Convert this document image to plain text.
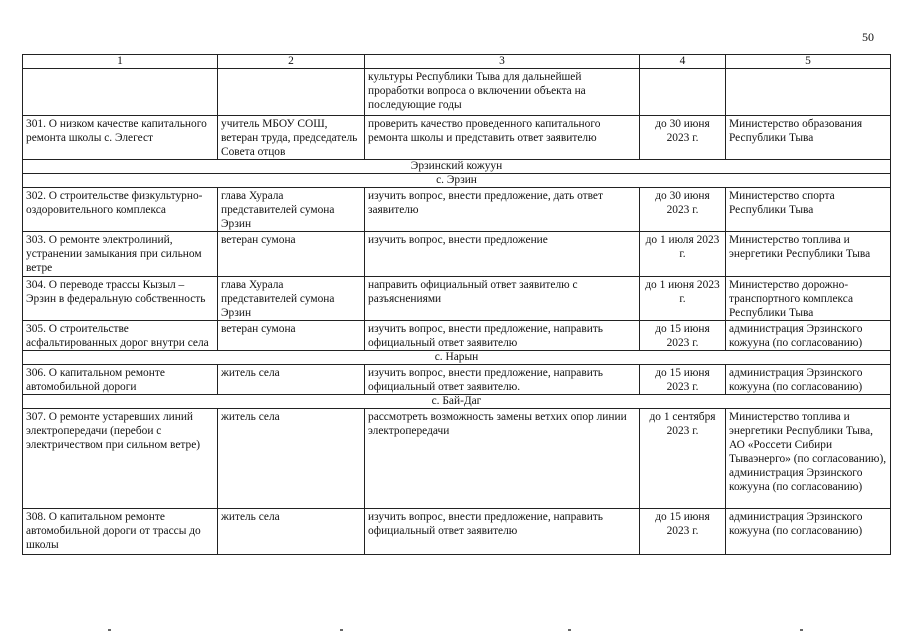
50
1	2	3	4	5
		культуры Республики Тыва для дальнейшей проработки вопроса о включении объекта на последующие годы		
301. О низком качестве капитального ремонта школы с. Элегест	учитель МБОУ СОШ, ветеран труда, председатель Совета отцов	проверить качество проведенного капитального ремонта школы и представить ответ заявителю	до 30 июня 2023 г.	Министерство образования Республики Тыва
Эрзинский кожуун				
с. Эрзин				
302. О строительстве физкультурно-оздоровительного комплекса	глава Хурала представителей сумона Эрзин	изучить вопрос, внести предложение, дать ответ заявителю	до 30 июня 2023 г.	Министерство спорта Республики Тыва
303. О ремонте электролиний, устранении замыкания при сильном ветре	ветеран сумона	изучить вопрос, внести предложение	до 1 июля 2023 г.	Министерство топлива и энергетики Республики Тыва
304. О переводе трассы Кызыл – Эрзин в федеральную собственность	глава Хурала представителей сумона Эрзин	направить официальный ответ заявителю с разъяснениями	до 1 июня 2023 г.	Министерство дорожно-транспортного комплекса Республики Тыва
305. О строительстве асфальтированных дорог внутри села	ветеран сумона	изучить вопрос, внести предложение, направить официальный ответ заявителю	до 15 июня 2023 г.	администрация Эрзинского кожууна (по согласованию)
с. Нарын				
306. О капитальном ремонте автомобильной дороги	житель села	изучить вопрос, внести предложение, направить официальный ответ заявителю.	до 15 июня 2023 г.	администрация Эрзинского кожууна (по согласованию)
с. Бай-Даг				
307. О ремонте устаревших линий электропередачи (перебои с электричеством при сильном ветре)	житель села	рассмотреть возможность замены ветхих опор линии электропередачи	до 1 сентября 2023 г.	Министерство топлива и энергетики Республики Тыва, АО «Россети Сибири Тываэнерго» (по согласованию), администрация Эрзинского кожууна (по согласованию)
308. О капитальном ремонте автомобильной дороги от трассы до школы	житель села	изучить вопрос, внести предложение, направить официальный ответ заявителю	до 15 июня 2023 г.	администрация Эрзинского кожууна (по согласованию)
